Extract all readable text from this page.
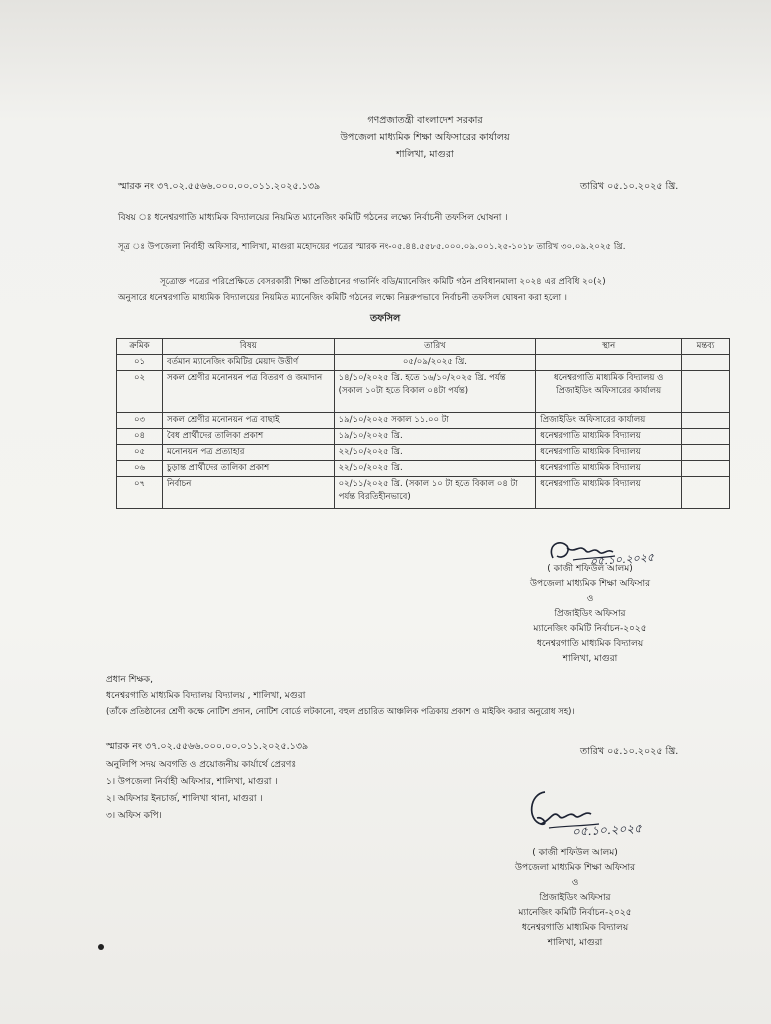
গণপ্রজাতন্ত্রী বাংলাদেশ সরকার
উপজেলা মাধ্যমিক শিক্ষা অফিসারের কার্যালয়
শালিখা, মাগুরা
স্মারক নং ৩৭.০২.৫৫৬৬.০০০.০০.০১১.২০২৫.১৩৯	তারিখ ০৫.১০.২০২৫ খ্রি.
বিষয় ঃ ধনেশ্বরগাতি মাধ্যমিক বিদ্যালয়ের নিয়মিত ম্যানেজিং কমিটি গঠনের লক্ষ্যে নির্বাচনী তফসিল ঘোষনা ।
সূত্র ঃ উপজেলা নির্বাহী অফিসার, শালিখা, মাগুরা মহোদয়ের পত্রের স্মারক নং-০৫.৪৪.৫৫৮৫.০০০.০৯.০০১.২৫-১০১৮ তারিখ ৩০.০৯.২০২৫ খ্রি.
সূত্রোক্ত পত্রের পরিপ্রেক্ষিতে বেসরকারী শিক্ষা প্রতিষ্ঠানের গভার্নিং বডি/ম্যানেজিং কমিটি গঠন প্রবিধানমালা ২০২৪ এর প্রবিধি ২০(২)
অনুসারে ধনেশ্বরগাতি মাধ্যমিক বিদ্যালয়ের নিয়মিত ম্যানেজিং কমিটি গঠনের লক্ষ্যে নিম্নরুপভাবে নির্বাচনী তফসিল ঘোষনা করা হলো ।
তফসিল
ক্রমিক	বিষয়	তারিখ	স্থান	মন্তব্য
০১	বর্তমান ম্যানেজিং কমিটির মেয়াদ উত্তীর্ণ	০৫/০৯/২০২৫ খ্রি.		
০২	সকল শ্রেণীর মনোনয়ন পত্র বিতরণ ও জমাদান	১৪/১০/২০২৫ খ্রি. হতে ১৬/১০/২০২৫ খ্রি. পর্যন্ত (সকাল ১০টা হতে বিকাল ০৪টা পর্যন্ত)	ধনেশ্বরগাতি মাধ্যমিক বিদ্যালয় ও প্রিজাইডিং অফিসারের কার্যালয়	
০৩	সকল শ্রেণীর মনোনয়ন পত্র বাছাই	১৯/১০/২০২৫ সকাল ১১.০০ টা	প্রিজাইডিং অফিসারের কার্যালয়	
০৪	বৈধ প্রার্থীদের তালিকা প্রকাশ	১৯/১০/২০২৫ খ্রি.	ধনেশ্বরগাতি মাধ্যমিক বিদ্যালয়	
০৫	মনোনয়ন পত্র প্রত্যাহার	২২/১০/২০২৫ খ্রি.	ধনেশ্বরগাতি মাধ্যমিক বিদ্যালয়	
০৬	চুড়ান্ত প্রার্থীদের তালিকা প্রকাশ	২২/১০/২০২৫ খ্রি.	ধনেশ্বরগাতি মাধ্যমিক বিদ্যালয়	
০৭	নির্বাচন	০২/১১/২০২৫ খ্রি. (সকাল ১০ টা হতে বিকাল ০৪ টা পর্যন্ত বিরতিহীনভাবে)	ধনেশ্বরগাতি মাধ্যমিক বিদ্যালয়	
০৫.১০.২০২৫
( কাজী শফিউল আলম)
উপজেলা মাধ্যমিক শিক্ষা অফিসার
ও
প্রিজাইডিং অফিসার
ম্যানেজিং কমিটি নির্বাচন-২০২৫
ধনেশ্বরগাতি মাধ্যমিক বিদ্যালয়
শালিখা, মাগুরা
প্রধান শিক্ষক,
ধনেশ্বরগাতি মাধ্যমিক বিদ্যালয় বিদ্যালয় , শালিখা, মগুরা
(তাঁকে প্রতিষ্ঠানের শ্রেণী কক্ষে নোটিশ প্রদান, নোটিশ বোর্ডে লটকানো, বহুল প্রচারিত আঞ্চলিক পত্রিকায় প্রকাশ ও মাইকিং করার অনুরোধ সহ)।
স্মারক নং ৩৭.০২.৫৫৬৬.০০০.০০.০১১.২০২৫.১৩৯	তারিখ ০৫.১০.২০২৫ খ্রি.
অনুলিপি সদয় অবগতি ও প্রয়োজনীয় কার্যার্থে প্রেরণঃ
১। উপজেলা নির্বাহী অফিসার, শালিখা, মাগুরা ।
২। অফিসার ইনচার্জ, শালিখা থানা, মাগুরা ।
৩। অফিস কপি।
০৫.১০.২০২৫
( কাজী শফিউল আলম)
উপজেলা মাধ্যমিক শিক্ষা অফিসার
ও
প্রিজাইডিং অফিসার
ম্যানেজিং কমিটি নির্বাচন-২০২৫
ধনেশ্বরগাতি মাধ্যমিক বিদ্যালয়
শালিখা, মাগুরা
